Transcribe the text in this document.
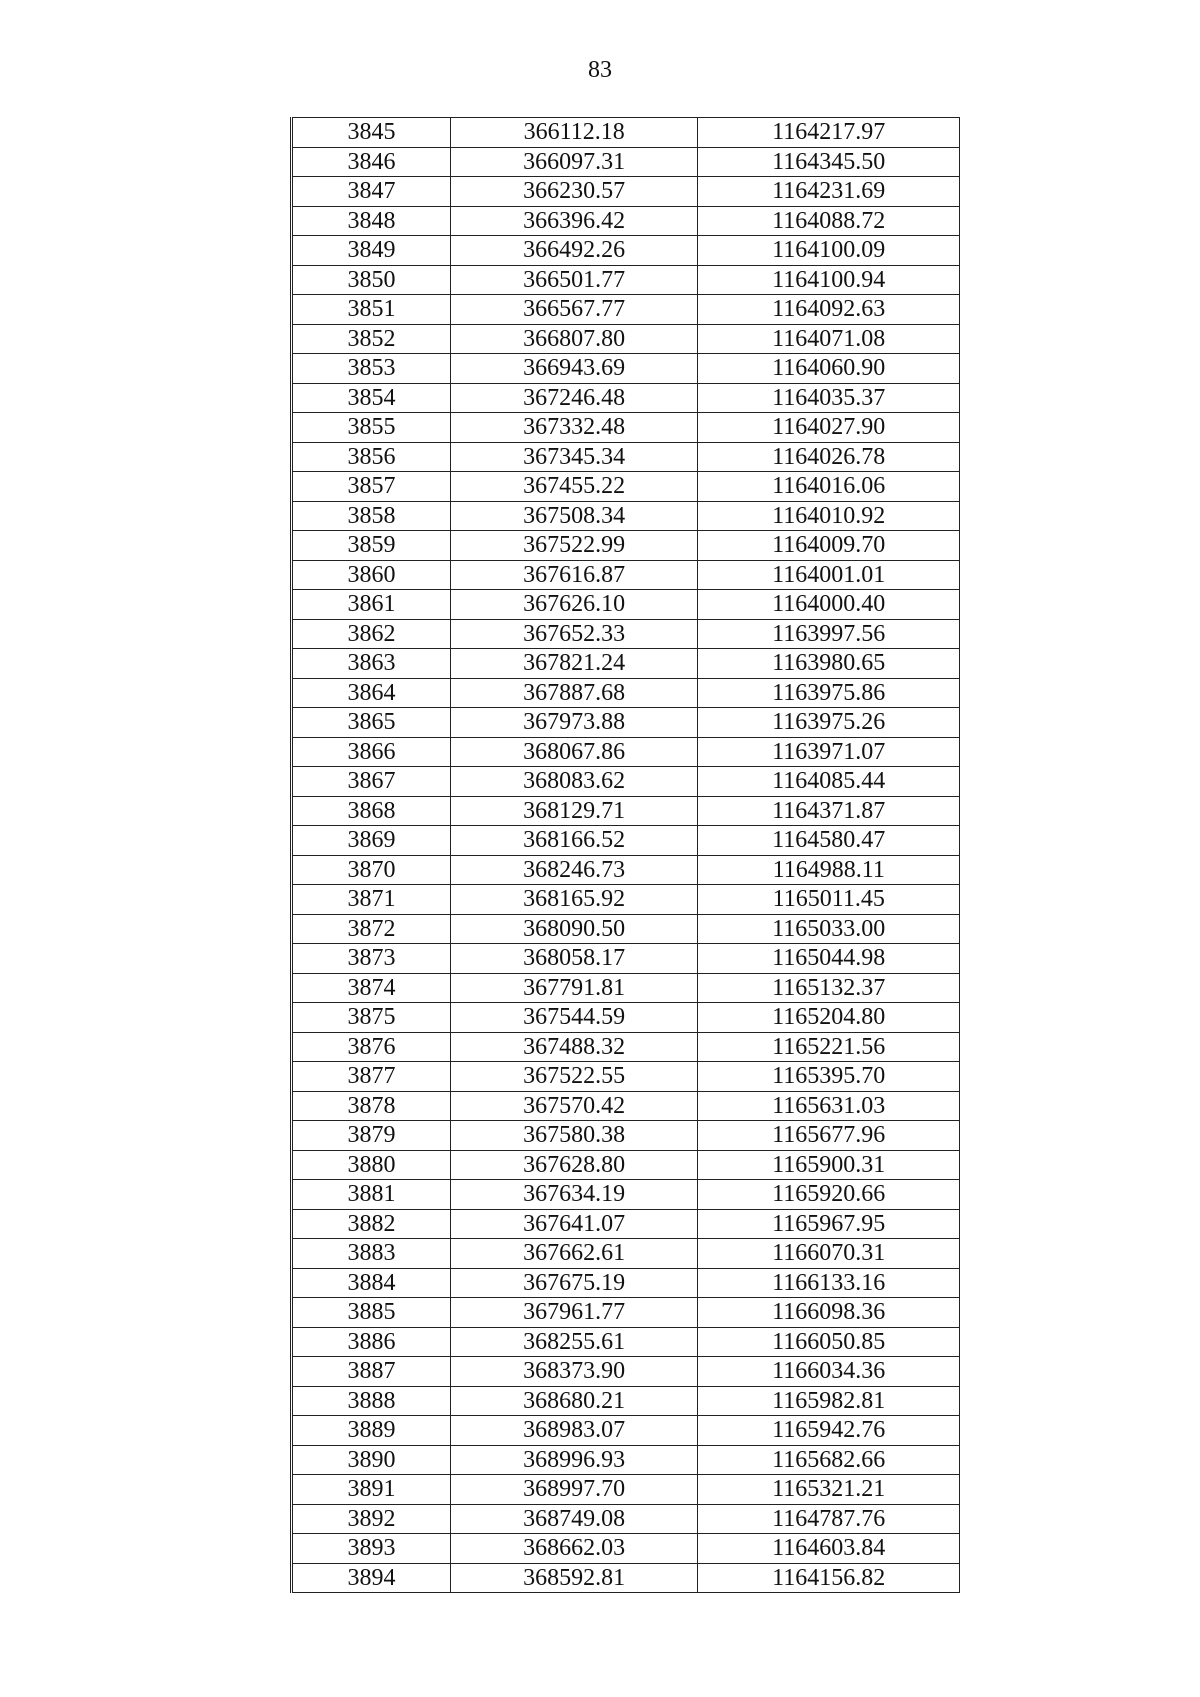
83
3845	366112.18	1164217.97
3846	366097.31	1164345.50
3847	366230.57	1164231.69
3848	366396.42	1164088.72
3849	366492.26	1164100.09
3850	366501.77	1164100.94
3851	366567.77	1164092.63
3852	366807.80	1164071.08
3853	366943.69	1164060.90
3854	367246.48	1164035.37
3855	367332.48	1164027.90
3856	367345.34	1164026.78
3857	367455.22	1164016.06
3858	367508.34	1164010.92
3859	367522.99	1164009.70
3860	367616.87	1164001.01
3861	367626.10	1164000.40
3862	367652.33	1163997.56
3863	367821.24	1163980.65
3864	367887.68	1163975.86
3865	367973.88	1163975.26
3866	368067.86	1163971.07
3867	368083.62	1164085.44
3868	368129.71	1164371.87
3869	368166.52	1164580.47
3870	368246.73	1164988.11
3871	368165.92	1165011.45
3872	368090.50	1165033.00
3873	368058.17	1165044.98
3874	367791.81	1165132.37
3875	367544.59	1165204.80
3876	367488.32	1165221.56
3877	367522.55	1165395.70
3878	367570.42	1165631.03
3879	367580.38	1165677.96
3880	367628.80	1165900.31
3881	367634.19	1165920.66
3882	367641.07	1165967.95
3883	367662.61	1166070.31
3884	367675.19	1166133.16
3885	367961.77	1166098.36
3886	368255.61	1166050.85
3887	368373.90	1166034.36
3888	368680.21	1165982.81
3889	368983.07	1165942.76
3890	368996.93	1165682.66
3891	368997.70	1165321.21
3892	368749.08	1164787.76
3893	368662.03	1164603.84
3894	368592.81	1164156.82
